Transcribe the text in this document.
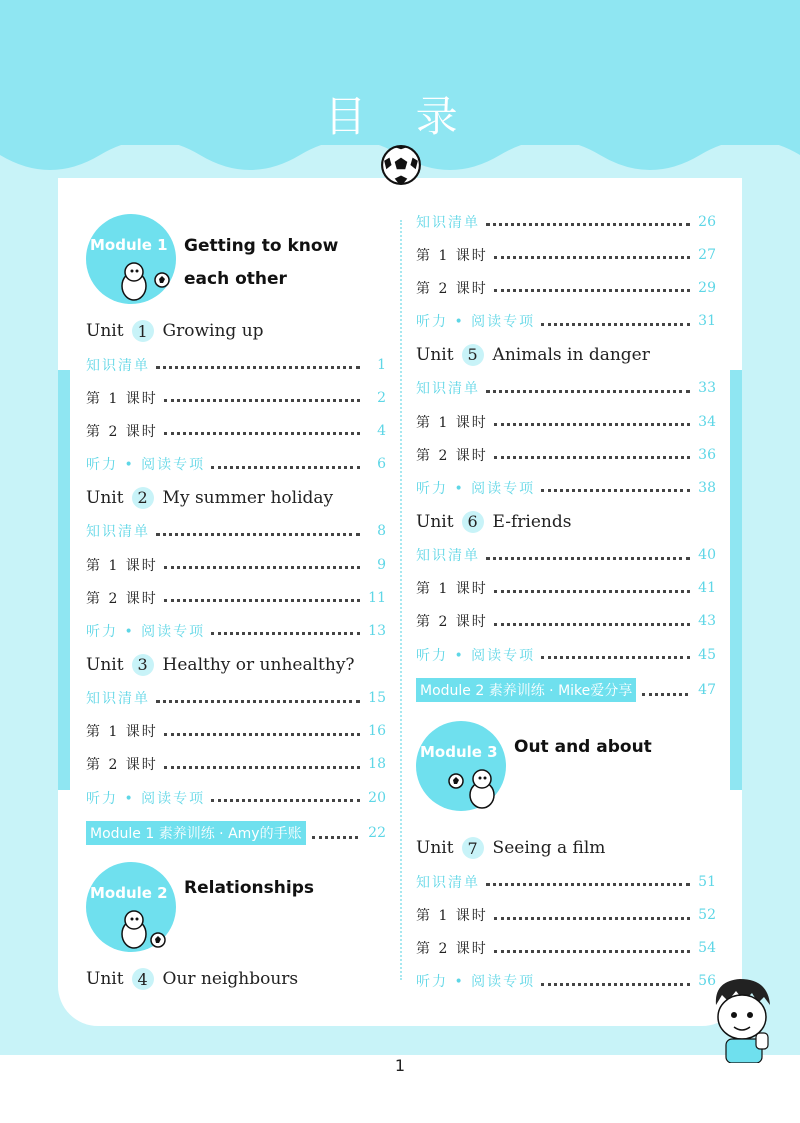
目 录
Module 1 Getting to know each other
Unit 1 Growing up
知识清单	1
第 1 课时	2
第 2 课时	4
听力 • 阅读专项	6
Unit 2 My summer holiday
知识清单	8
第 1 课时	9
第 2 课时	11
听力 • 阅读专项	13
Unit 3 Healthy or unhealthy?
知识清单	15
第 1 课时	16
第 2 课时	18
听力 • 阅读专项	20
Module 1 素养训练 · Amy的手账	22
Module 2 Relationships
Unit 4 Our neighbours
知识清单	26
第 1 课时	27
第 2 课时	29
听力 • 阅读专项	31
Unit 5 Animals in danger
知识清单	33
第 1 课时	34
第 2 课时	36
听力 • 阅读专项	38
Unit 6 E-friends
知识清单	40
第 1 课时	41
第 2 课时	43
听力 • 阅读专项	45
Module 2 素养训练 · Mike爱分享	47
Module 3 Out and about
Unit 7 Seeing a film
知识清单	51
第 1 课时	52
第 2 课时	54
听力 • 阅读专项	56
1
